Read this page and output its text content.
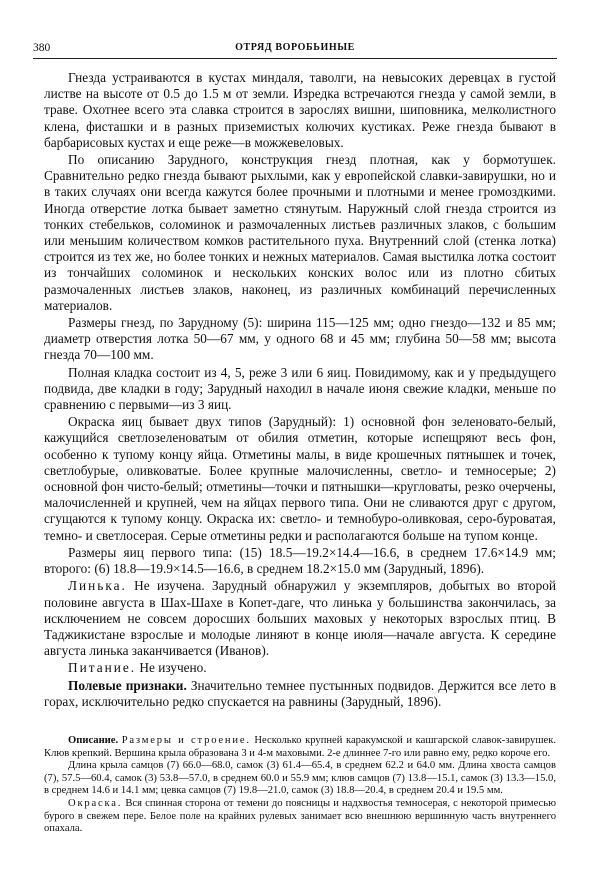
380	ОТРЯД ВОРОБЬИНЫЕ

Гнезда устраиваются в кустах миндаля, таволги, на невысоких деревцах в густой листве на высоте от 0.5 до 1.5 м от земли. Изредка встречаются гнезда у самой земли, в траве. Охотнее всего эта славка строится в зарослях вишни, шиповника, мелколистного клена, фисташки и в разных приземистых колючих кустиках. Реже гнезда бывают в барбарисовых кустах и еще реже—в можжевеловых.

По описанию Зарудного, конструкция гнезд плотная, как у бормотушек. Сравнительно редко гнезда бывают рыхлыми, как у европейской славки-завирушки, но и в таких случаях они всегда кажутся более прочными и плотными и менее громоздкими. Иногда отверстие лотка бывает заметно стянутым. Наружный слой гнезда строится из тонких стебельков, соломинок и размочаленных листьев различных злаков, с большим или меньшим количеством комков растительного пуха. Внутренний слой (стенка лотка) строится из тех же, но более тонких и нежных материалов. Самая выстилка лотка состоит из тончайших соломинок и нескольких конских волос или из плотно сбитых размочаленных листьев злаков, наконец, из различных комбинаций перечисленных материалов.

Размеры гнезд, по Зарудному (5): ширина 115—125 мм; одно гнездо—132 и 85 мм; диаметр отверстия лотка 50—67 мм, у одного 68 и 45 мм; глубина 50—58 мм; высота гнезда 70—100 мм.

Полная кладка состоит из 4, 5, реже 3 или 6 яиц. Повидимому, как и у предыдущего подвида, две кладки в году; Зарудный находил в начале июня свежие кладки, меньше по сравнению с первыми—из 3 яиц.

Окраска яиц бывает двух типов (Зарудный): 1) основной фон зеленовато-белый, кажущийся светлозеленоватым от обилия отметин, которые испещряют весь фон, особенно к тупому концу яйца. Отметины малы, в виде крошечных пятнышек и точек, светлобурые, оливковатые. Более крупные малочисленны, светло- и темносерые; 2) основной фон чисто-белый; отметины—точки и пятнышки—кругловаты, резко очерчены, малочисленней и крупней, чем на яйцах первого типа. Они не сливаются друг с другом, сгущаются к тупому концу. Окраска их: светло- и темнобуро-оливковая, серо-буроватая, темно- и светлосерая. Серые отметины редки и располагаются больше на тупом конце.

Размеры яиц первого типа: (15) 18.5—19.2×14.4—16.6, в среднем 17.6×14.9 мм; второго: (6) 18.8—19.9×14.5—16.6, в среднем 18.2×15.0 мм (Зарудный, 1896).

Линька. Не изучена. Зарудный обнаружил у экземпляров, добытых во второй половине августа в Шах-Шахе в Копет-даге, что линька у большинства закончилась, за исключением не совсем доросших больших маховых у некоторых взрослых птиц. В Таджикистане взрослые и молодые линяют в конце июля—начале августа. К середине августа линька заканчивается (Иванов).

Питание. Не изучено.

Полевые признаки. Значительно темнее пустынных подвидов. Держится все лето в горах, исключительно редко спускается на равнины (Зарудный, 1896).

Описание. Размеры и строение. Несколько крупней каракумской и кашгарской славок-завирушек. Клюв крепкий. Вершина крыла образована 3 и 4-м маховыми. 2-е длиннее 7-го или равно ему, редко короче его.

Длина крыла самцов (7) 66.0—68.0, самок (3) 61.4—65.4, в среднем 62.2 и 64.0 мм. Длина хвоста самцов (7), 57.5—60.4, самок (3) 53.8—57.0, в среднем 60.0 и 55.9 мм; клюв самцов (7) 13.8—15.1, самок (3) 13.3—15.0, в среднем 14.6 и 14.1 мм; цевка самцов (7) 19.8—21.0, самок (3) 18.8—20.4, в среднем 20.4 и 19.5 мм.

Окраска. Вся спинная сторона от темени до поясницы и надхвостья темносерая, с некоторой примесью бурого в свежем пере. Белое поле на крайних рулевых занимает всю внешнюю вершинную часть внутреннего опахала.
